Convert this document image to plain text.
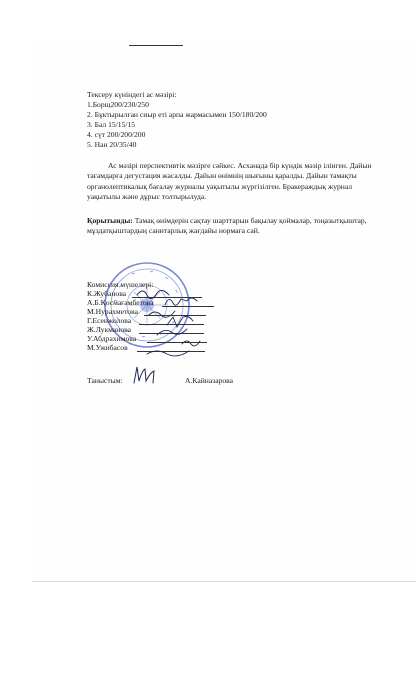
Тексеру күніндегі ас мәзірі:
1.Борщ200/230/250
2. Бұктырылған сиыр еті арпа жармасымен 150/180/200
3. Бал 15/15/15
4. сүт 200/200/200
5. Нан 20/35/40
Ас мәзірі перспективтік мәзірге сәйкес. Асханада бір күндік мәзір ілінген. Дайын тағамдарға дегустация жасалды. Дайын өнімнің шығыны қаралды. Дайын тамақты органолептикалық бағалау журналы уақытылы жүргізілген. Бракераждық журнал уақытылы және дұрыс толтырылуда.
Қорытынды: Тамақ өнімдерін сақтау шарттарын бақылау қоймалар, тоңазытқыштар, мұздатқыштардың санитарлық жағдайы нормаға сай.
Комиссия мүшелері:
К.Жубанова
А.Б.Қосмағамбетова
М.Нурахметова
Г.Есенжолова
Ж.Лукманова
У.Абдрахимова
М.Ужибасов
Таныстым:	А.Кайназарова
